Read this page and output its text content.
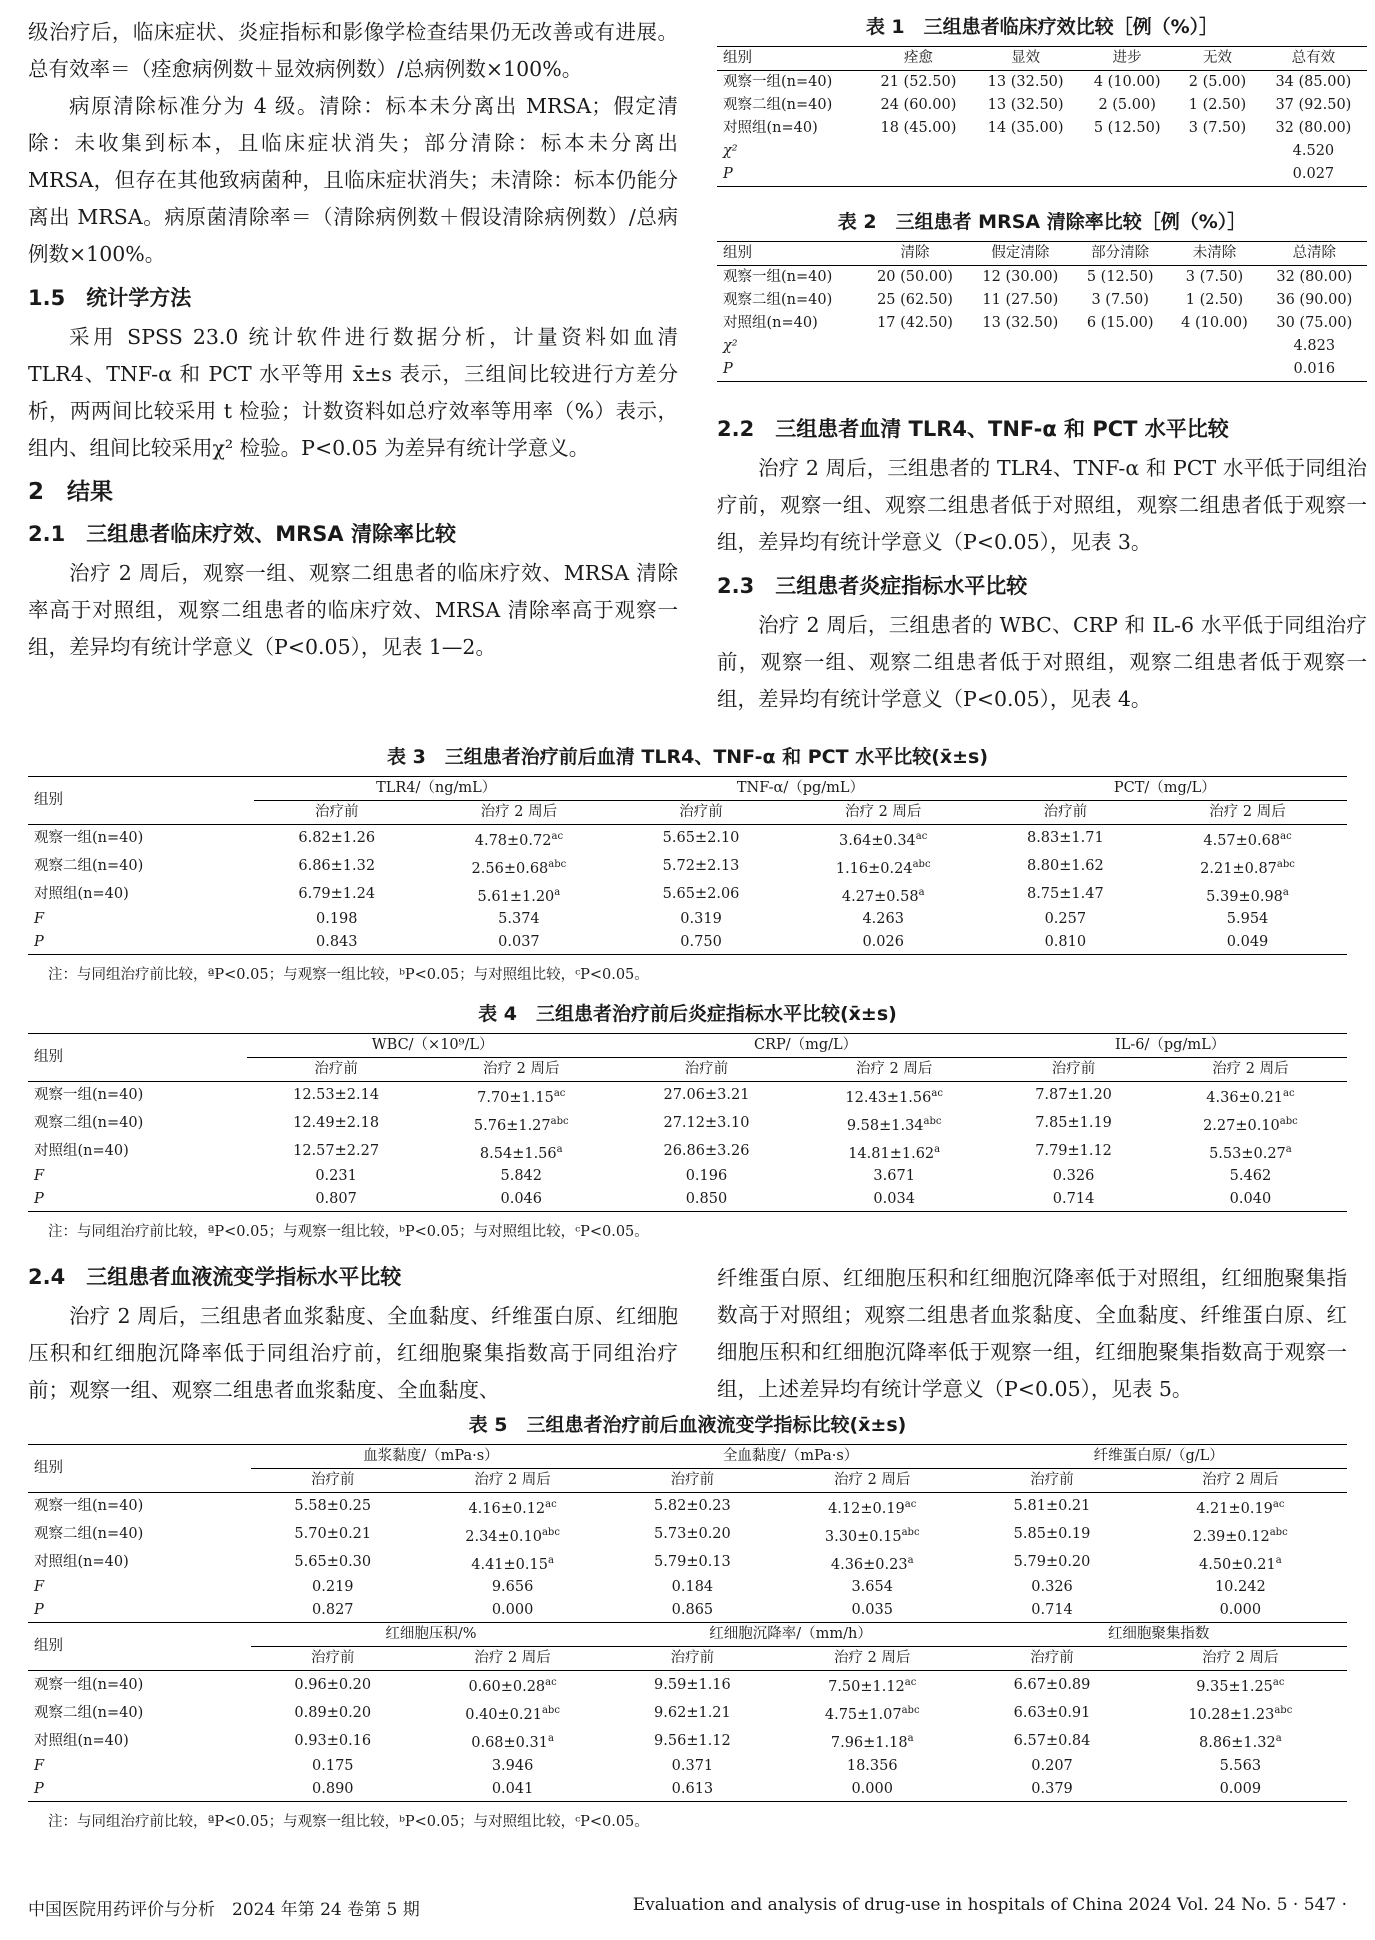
级治疗后，临床症状、炎症指标和影像学检查结果仍无改善或有进展。总有效率＝（痊愈病例数＋显效病例数）/总病例数×100%。

病原清除标准分为 4 级。清除：标本未分离出 MRSA；假定清除：未收集到标本，且临床症状消失；部分清除：标本未分离出 MRSA，但存在其他致病菌种，且临床症状消失；未清除：标本仍能分离出 MRSA。病原菌清除率＝（清除病例数＋假设清除病例数）/总病例数×100%。

1.5　统计学方法

采用 SPSS 23.0 统计软件进行数据分析，计量资料如血清 TLR4、TNF-α 和 PCT 水平等用 x̄±s 表示，三组间比较进行方差分析，两两间比较采用 t 检验；计数资料如总疗效率等用率（%）表示，组内、组间比较采用χ² 检验。P<0.05 为差异有统计学意义。

2　结果
2.1　三组患者临床疗效、MRSA 清除率比较

治疗 2 周后，观察一组、观察二组患者的临床疗效、MRSA 清除率高于对照组，观察二组患者的临床疗效、MRSA 清除率高于观察一组，差异均有统计学意义（P<0.05），见表 1—2。

表 1　三组患者临床疗效比较［例（%）］
组别	痊愈	显效	进步	无效	总有效
观察一组(n=40)	21 (52.50)	13 (32.50)	4 (10.00)	2 (5.00)	34 (85.00)
观察二组(n=40)	24 (60.00)	13 (32.50)	2 (5.00)	1 (2.50)	37 (92.50)
对照组(n=40)	18 (45.00)	14 (35.00)	5 (12.50)	3 (7.50)	32 (80.00)
χ²					4.520
P					0.027
表 2　三组患者 MRSA 清除率比较［例（%）］
组别	清除	假定清除	部分清除	未清除	总清除
观察一组(n=40)	20 (50.00)	12 (30.00)	5 (12.50)	3 (7.50)	32 (80.00)
观察二组(n=40)	25 (62.50)	11 (27.50)	3 (7.50)	1 (2.50)	36 (90.00)
对照组(n=40)	17 (42.50)	13 (32.50)	6 (15.00)	4 (10.00)	30 (75.00)
χ²					4.823
P					0.016
2.2　三组患者血清 TLR4、TNF-α 和 PCT 水平比较

治疗 2 周后，三组患者的 TLR4、TNF-α 和 PCT 水平低于同组治疗前，观察一组、观察二组患者低于对照组，观察二组患者低于观察一组，差异均有统计学意义（P<0.05），见表 3。

2.3　三组患者炎症指标水平比较

治疗 2 周后，三组患者的 WBC、CRP 和 IL-6 水平低于同组治疗前，观察一组、观察二组患者低于对照组，观察二组患者低于观察一组，差异均有统计学意义（P<0.05），见表 4。

表 3　三组患者治疗前后血清 TLR4、TNF-α 和 PCT 水平比较(x̄±s)
组别	TLR4/（ng/mL）		TNF-α/（pg/mL）		PCT/（mg/L）	
	治疗前	治疗 2 周后	治疗前	治疗 2 周后	治疗前	治疗 2 周后
观察一组(n=40)	6.82±1.26	4.78±0.72$^{ac}$	5.65±2.10	3.64±0.34$^{ac}$	8.83±1.71	4.57±0.68$^{ac}$
观察二组(n=40)	6.86±1.32	2.56±0.68$^{abc}$	5.72±2.13	1.16±0.24$^{abc}$	8.80±1.62	2.21±0.87$^{abc}$
对照组(n=40)	6.79±1.24	5.61±1.20$^a$	5.65±2.06	4.27±0.58$^a$	8.75±1.47	5.39±0.98$^a$
F	0.198	5.374	0.319	4.263	0.257	5.954
P	0.843	0.037	0.750	0.026	0.810	0.049
注：与同组治疗前比较，ªP<0.05；与观察一组比较，ᵇP<0.05；与对照组比较，ᶜP<0.05。
表 4　三组患者治疗前后炎症指标水平比较(x̄±s)
组别	WBC/（×10⁹/L）		CRP/（mg/L）		IL-6/（pg/mL）	
	治疗前	治疗 2 周后	治疗前	治疗 2 周后	治疗前	治疗 2 周后
观察一组(n=40)	12.53±2.14	7.70±1.15$^{ac}$	27.06±3.21	12.43±1.56$^{ac}$	7.87±1.20	4.36±0.21$^{ac}$
观察二组(n=40)	12.49±2.18	5.76±1.27$^{abc}$	27.12±3.10	9.58±1.34$^{abc}$	7.85±1.19	2.27±0.10$^{abc}$
对照组(n=40)	12.57±2.27	8.54±1.56$^a$	26.86±3.26	14.81±1.62$^a$	7.79±1.12	5.53±0.27$^a$
F	0.231	5.842	0.196	3.671	0.326	5.462
P	0.807	0.046	0.850	0.034	0.714	0.040
注：与同组治疗前比较，ªP<0.05；与观察一组比较，ᵇP<0.05；与对照组比较，ᶜP<0.05。
2.4　三组患者血液流变学指标水平比较

治疗 2 周后，三组患者血浆黏度、全血黏度、纤维蛋白原、红细胞压积和红细胞沉降率低于同组治疗前，红细胞聚集指数高于同组治疗前；观察一组、观察二组患者血浆黏度、全血黏度、

纤维蛋白原、红细胞压积和红细胞沉降率低于对照组，红细胞聚集指数高于对照组；观察二组患者血浆黏度、全血黏度、纤维蛋白原、红细胞压积和红细胞沉降率低于观察一组，红细胞聚集指数高于观察一组，上述差异均有统计学意义（P<0.05），见表 5。

表 5　三组患者治疗前后血液流变学指标比较(x̄±s)
组别	血浆黏度/（mPa·s）		全血黏度/（mPa·s）		纤维蛋白原/（g/L）	
	治疗前	治疗 2 周后	治疗前	治疗 2 周后	治疗前	治疗 2 周后
观察一组(n=40)	5.58±0.25	4.16±0.12$^{ac}$	5.82±0.23	4.12±0.19$^{ac}$	5.81±0.21	4.21±0.19$^{ac}$
观察二组(n=40)	5.70±0.21	2.34±0.10$^{abc}$	5.73±0.20	3.30±0.15$^{abc}$	5.85±0.19	2.39±0.12$^{abc}$
对照组(n=40)	5.65±0.30	4.41±0.15$^a$	5.79±0.13	4.36±0.23$^a$	5.79±0.20	4.50±0.21$^a$
F	0.219	9.656	0.184	3.654	0.326	10.242
P	0.827	0.000	0.865	0.035	0.714	0.000
组别	红细胞压积/%		红细胞沉降率/（mm/h）		红细胞聚集指数	
	治疗前	治疗 2 周后	治疗前	治疗 2 周后	治疗前	治疗 2 周后
观察一组(n=40)	0.96±0.20	0.60±0.28$^{ac}$	9.59±1.16	7.50±1.12$^{ac}$	6.67±0.89	9.35±1.25$^{ac}$
观察二组(n=40)	0.89±0.20	0.40±0.21$^{abc}$	9.62±1.21	4.75±1.07$^{abc}$	6.63±0.91	10.28±1.23$^{abc}$
对照组(n=40)	0.93±0.16	0.68±0.31$^a$	9.56±1.12	7.96±1.18$^a$	6.57±0.84	8.86±1.32$^a$
F	0.175	3.946	0.371	18.356	0.207	5.563
P	0.890	0.041	0.613	0.000	0.379	0.009
注：与同组治疗前比较，ªP<0.05；与观察一组比较，ᵇP<0.05；与对照组比较，ᶜP<0.05。
中国医院用药评价与分析　2024 年第 24 卷第 5 期	Evaluation and analysis of drug-use in hospitals of China 2024 Vol. 24 No. 5 · 547 ·
